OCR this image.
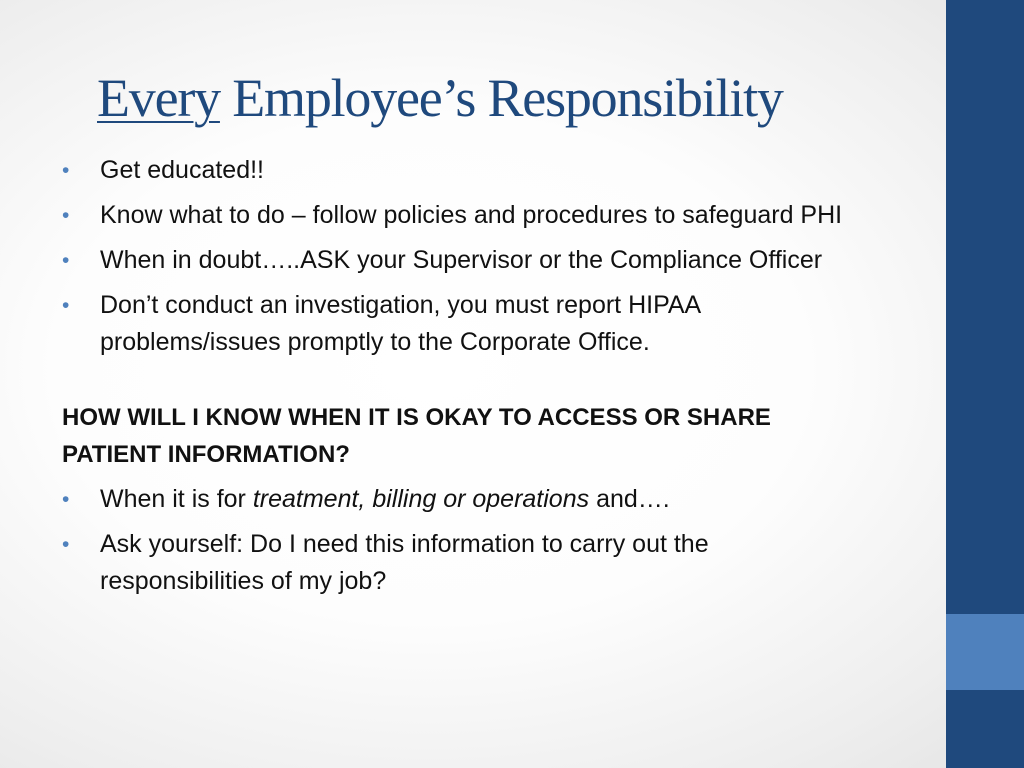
Every Employee’s Responsibility
• Get educated!!
• Know what to do – follow policies and procedures to safeguard PHI
• When in doubt…..ASK your Supervisor or the Compliance Officer
• Don’t conduct an investigation, you must report HIPAA problems/issues promptly to the Corporate Office.
HOW WILL I KNOW WHEN IT IS OKAY TO ACCESS OR SHARE PATIENT INFORMATION?
• When it is for treatment, billing or operations and….
• Ask yourself: Do I need this information to carry out the responsibilities of my job?
